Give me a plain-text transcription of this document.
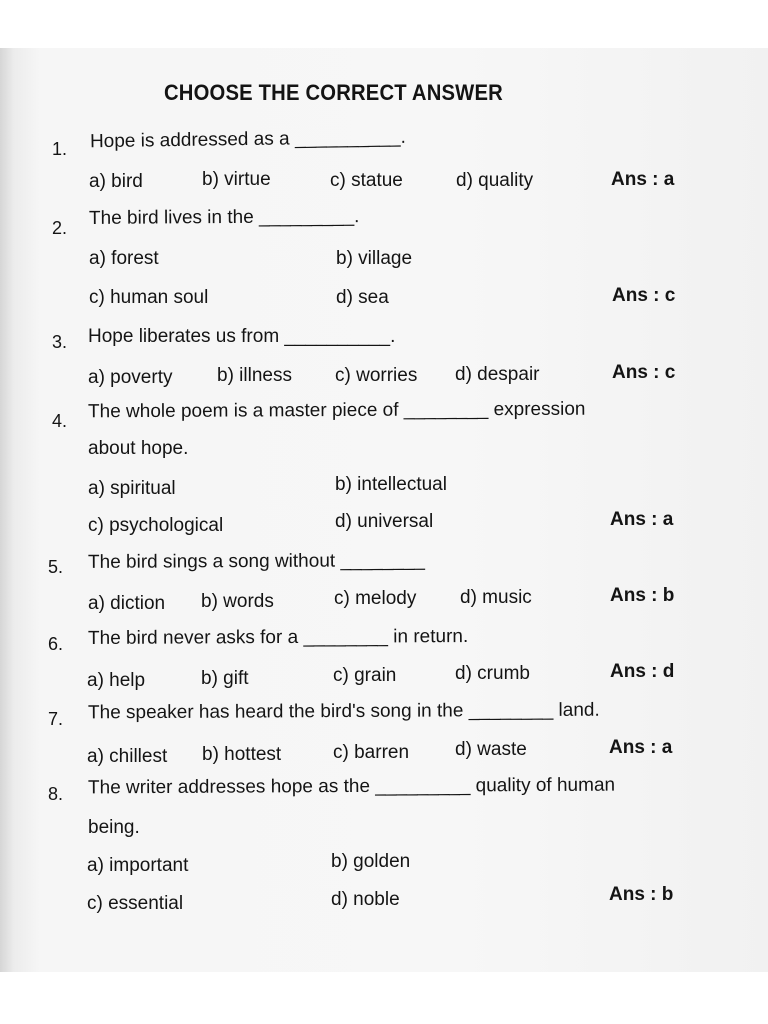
CHOOSE THE CORRECT ANSWER
1. Hope is addressed as a __________.
a) bird	b) virtue	c) statue	d) quality	Ans : a
2. The bird lives in the _________.
a) forest	b) village
c) human soul	d) sea	Ans : c
3. Hope liberates us from __________.
a) poverty b) illness c) worries d) despair	Ans : c
4. The whole poem is a master piece of ________ expression
about hope.
a) spiritual	b) intellectual
c) psychological	d) universal	Ans : a
5. The bird sings a song without ________
a) diction b) words	c) melody d) music	Ans : b
6. The bird never asks for a ________ in return.
a) help	b) gift	c) grain	d) crumb	Ans : d
7. The speaker has heard the bird's song in the ________ land.
a) chillest b) hottest	c) barren d) waste	Ans : a
8. The writer addresses hope as the _________ quality of human
being.
a) important	b) golden
c) essential	d) noble	Ans : b
